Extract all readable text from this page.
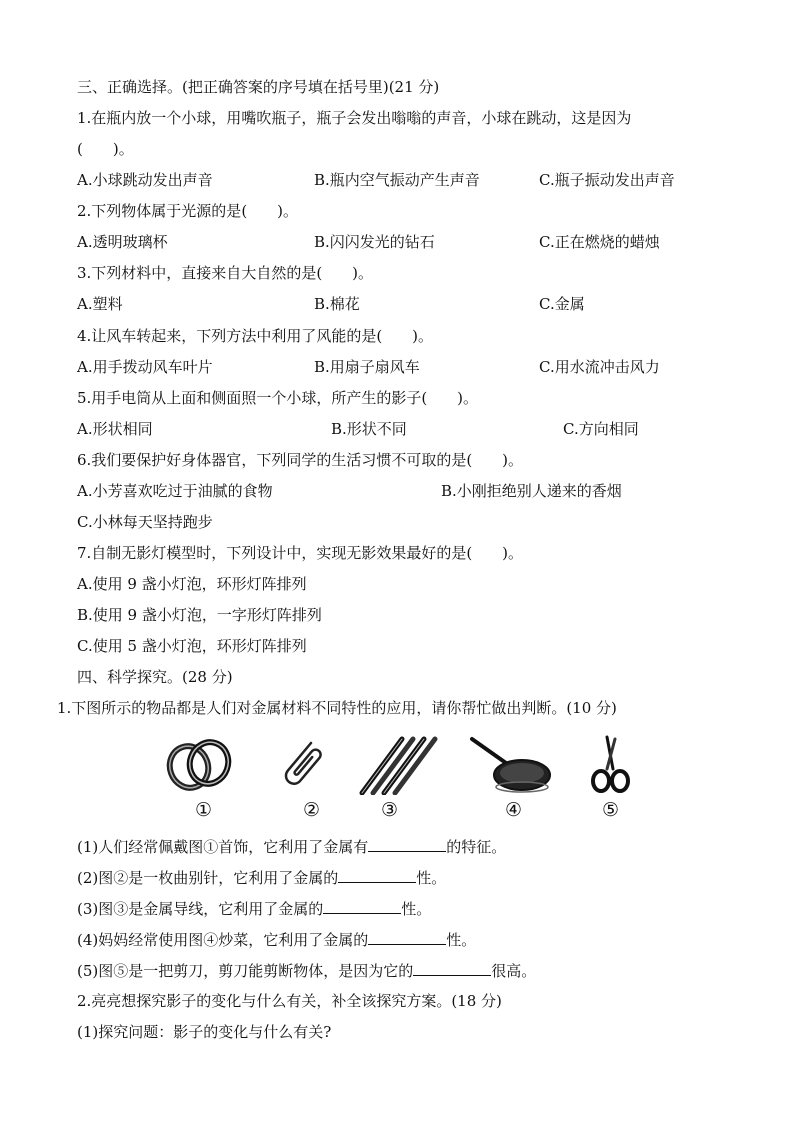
三、正确选择。(把正确答案的序号填在括号里)(21 分)
1.在瓶内放一个小球，用嘴吹瓶子，瓶子会发出嗡嗡的声音，小球在跳动，这是因为
(　　)。
A.小球跳动发出声音	B.瓶内空气振动产生声音	C.瓶子振动发出声音
2.下列物体属于光源的是(　　)。
A.透明玻璃杯	B.闪闪发光的钻石	C.正在燃烧的蜡烛
3.下列材料中，直接来自大自然的是(　　)。
A.塑料	B.棉花	C.金属
4.让风车转起来，下列方法中利用了风能的是(　　)。
A.用手拨动风车叶片	B.用扇子扇风车	C.用水流冲击风力
5.用手电筒从上面和侧面照一个小球，所产生的影子(　　)。
A.形状相同	B.形状不同	C.方向相同
6.我们要保护好身体器官，下列同学的生活习惯不可取的是(　　)。
A.小芳喜欢吃过于油腻的食物	B.小刚拒绝别人递来的香烟
C.小林每天坚持跑步
7.自制无影灯模型时，下列设计中，实现无影效果最好的是(　　)。
A.使用 9 盏小灯泡，环形灯阵排列
B.使用 9 盏小灯泡，一字形灯阵排列
C.使用 5 盏小灯泡，环形灯阵排列
四、科学探究。(28 分)
1.下图所示的物品都是人们对金属材料不同特性的应用，请你帮忙做出判断。(10 分)
①	②	③	④	⑤
(1)人们经常佩戴图①首饰，它利用了金属有	的特征。
(2)图②是一枚曲别针，它利用了金属的	性。
(3)图③是金属导线，它利用了金属的	性。
(4)妈妈经常使用图④炒菜，它利用了金属的	性。
(5)图⑤是一把剪刀，剪刀能剪断物体，是因为它的	很高。
2.亮亮想探究影子的变化与什么有关，补全该探究方案。(18 分)
(1)探究问题：影子的变化与什么有关?
